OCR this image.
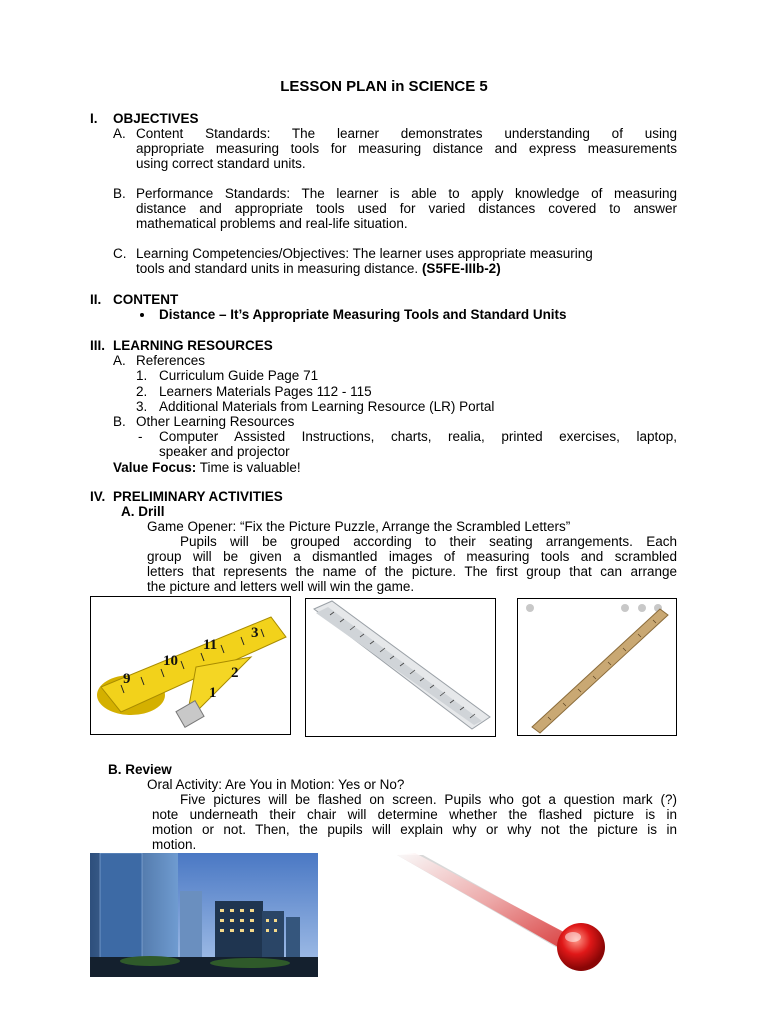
LESSON PLAN in SCIENCE 5
I. OBJECTIVES
A. Content Standards: The learner demonstrates understanding of using
appropriate measuring tools for measuring distance and express measurements
using correct standard units.
B. Performance Standards: The learner is able to apply knowledge of measuring
distance and appropriate tools used for varied distances covered to answer
mathematical problems and real-life situation.
C. Learning Competencies/Objectives: The learner uses appropriate measuring
tools and standard units in measuring distance. (S5FE-IIIb-2)
II. CONTENT
Distance – It’s Appropriate Measuring Tools and Standard Units
III. LEARNING RESOURCES
A. References
1. Curriculum Guide Page 71
2. Learners Materials Pages 112 - 115
3. Additional Materials from Learning Resource (LR) Portal
B. Other Learning Resources
- Computer Assisted Instructions, charts, realia, printed exercises, laptop,
speaker and projector
Value Focus: Time is valuable!
IV. PRELIMINARY ACTIVITIES
A. Drill
Game Opener: “Fix the Picture Puzzle, Arrange the Scrambled Letters”
Pupils will be grouped according to their seating arrangements. Each
group will be given a dismantled images of measuring tools and scrambled
letters that represents the name of the picture. The first group that can arrange
the picture and letters well will win the game.
9
10
11
1
2
3
B. Review
Oral Activity: Are You in Motion: Yes or No?
Five pictures will be flashed on screen. Pupils who got a question mark (?)
note underneath their chair will determine whether the flashed picture is in
motion or not. Then, the pupils will explain why or why not the picture is in
motion.
